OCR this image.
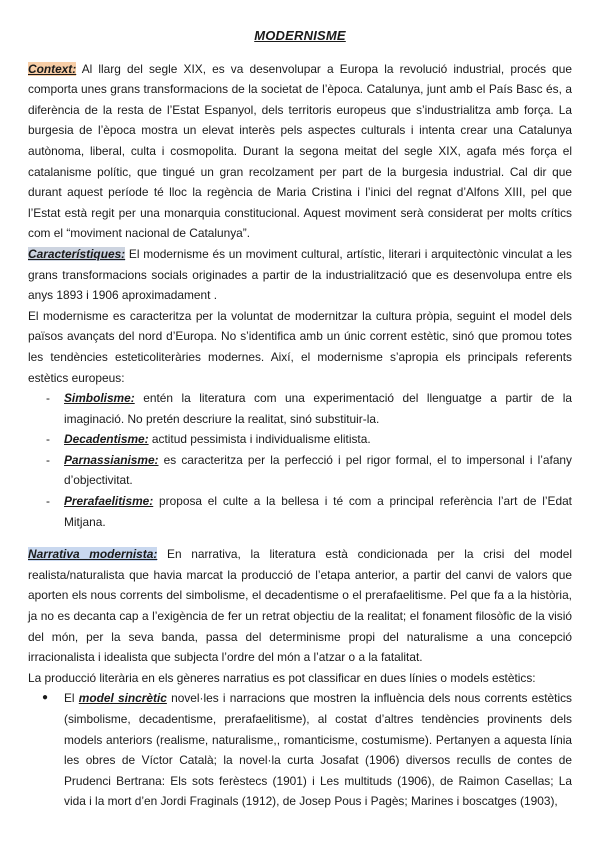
MODERNISME

Context: Al llarg del segle XIX, es va desenvolupar a Europa la revolució industrial, procés que comporta unes grans transformacions de la societat de l’època. Catalunya, junt amb el País Basc és, a diferència de la resta de l’Estat Espanyol, dels territoris europeus que s’industrialitza amb força. La burgesia de l’època mostra un elevat interès pels aspectes culturals i intenta crear una Catalunya autònoma, liberal, culta i cosmopolita. Durant la segona meitat del segle XIX, agafa més força el catalanisme polític, que tingué un gran recolzament per part de la burgesia industrial. Cal dir que durant aquest període té lloc la regència de Maria Cristina i l’inici del regnat d’Alfons XIII, pel que l’Estat està regit per una monarquia constitucional. Aquest moviment serà considerat per molts crítics com el “moviment nacional de Catalunya”.

Característiques: El modernisme és un moviment cultural, artístic, literari i arquitectònic vinculat a les grans transformacions socials originades a partir de la industrialització que es desenvolupa entre els anys 1893 i 1906 aproximadament .

El modernisme es caracteritza per la voluntat de modernitzar la cultura pròpia, seguint el model dels països avançats del nord d’Europa. No s’identifica amb un únic corrent estètic, sinó que promou totes les tendències esteticoliteràries modernes. Així, el modernisme s’apropia els principals referents estètics europeus:

- Simbolisme: entén la literatura com una experimentació del llenguatge a partir de la imaginació. No pretén descriure la realitat, sinó substituir-la.
- Decadentisme: actitud pessimista i individualisme elitista.
- Parnassianisme: es caracteritza per la perfecció i pel rigor formal, el to impersonal i l’afany d’objectivitat.
- Prerafaelitisme: proposa el culte a la bellesa i té com a principal referència l’art de l’Edat Mitjana.

Narrativa modernista: En narrativa, la literatura està condicionada per la crisi del model realista/naturalista que havia marcat la producció de l’etapa anterior, a partir del canvi de valors que aporten els nous corrents del simbolisme, el decadentisme o el prerafaelitisme. Pel que fa a la història, ja no es decanta cap a l’exigència de fer un retrat objectiu de la realitat; el fonament filosòfic de la visió del món, per la seva banda, passa del determinisme propi del naturalisme a una concepció irracionalista i idealista que subjecta l’ordre del món a l’atzar o a la fatalitat.

La producció literària en els gèneres narratius es pot classificar en dues línies o models estètics:

● El model sincrètic novel·les i narracions que mostren la influència dels nous corrents estètics (simbolisme, decadentisme, prerafaelitisme), al costat d’altres tendències provinents dels models anteriors (realisme, naturalisme,, romanticisme, costumisme). Pertanyen a aquesta línia les obres de Víctor Català; la novel·la curta Josafat (1906) diversos reculls de contes de Prudenci Bertrana: Els sots ferèstecs (1901) i Les multituds (1906), de Raimon Casellas; La vida i la mort d’en Jordi Fraginals (1912), de Josep Pous i Pagès; Marines i boscatges (1903),
